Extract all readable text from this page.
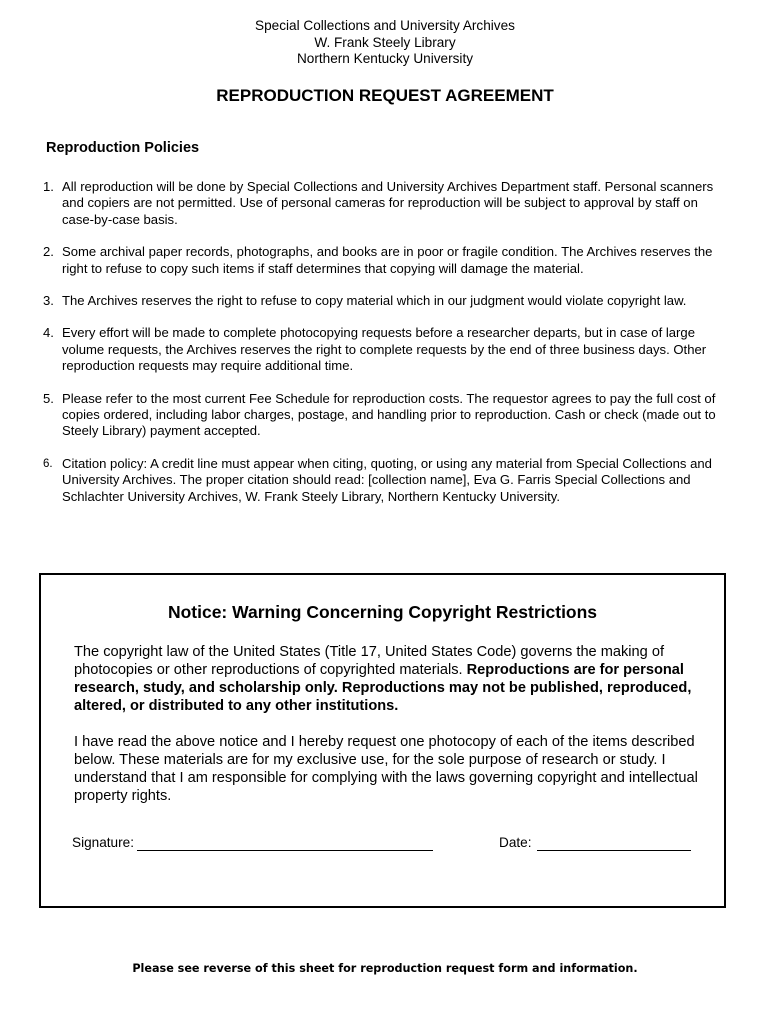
Special Collections and University Archives
W. Frank Steely Library
Northern Kentucky University
REPRODUCTION REQUEST AGREEMENT
Reproduction Policies
1. All reproduction will be done by Special Collections and University Archives Department staff. Personal scanners and copiers are not permitted. Use of personal cameras for reproduction will be subject to approval by staff on case-by-case basis.
2. Some archival paper records, photographs, and books are in poor or fragile condition. The Archives reserves the right to refuse to copy such items if staff determines that copying will damage the material.
3. The Archives reserves the right to refuse to copy material which in our judgment would violate copyright law.
4. Every effort will be made to complete photocopying requests before a researcher departs, but in case of large volume requests, the Archives reserves the right to complete requests by the end of three business days. Other reproduction requests may require additional time.
5. Please refer to the most current Fee Schedule for reproduction costs. The requestor agrees to pay the full cost of copies ordered, including labor charges, postage, and handling prior to reproduction. Cash or check (made out to Steely Library) payment accepted.
6. Citation policy: A credit line must appear when citing, quoting, or using any material from Special Collections and University Archives. The proper citation should read: [collection name], Eva G. Farris Special Collections and Schlachter University Archives, W. Frank Steely Library, Northern Kentucky University.
Notice: Warning Concerning Copyright Restrictions

The copyright law of the United States (Title 17, United States Code) governs the making of photocopies or other reproductions of copyrighted materials. Reproductions are for personal research, study, and scholarship only. Reproductions may not be published, reproduced, altered, or distributed to any other institutions.

I have read the above notice and I hereby request one photocopy of each of the items described below. These materials are for my exclusive use, for the sole purpose of research or study. I understand that I am responsible for complying with the laws governing copyright and intellectual property rights.

Signature:	Date:
Please see reverse of this sheet for reproduction request form and information.
